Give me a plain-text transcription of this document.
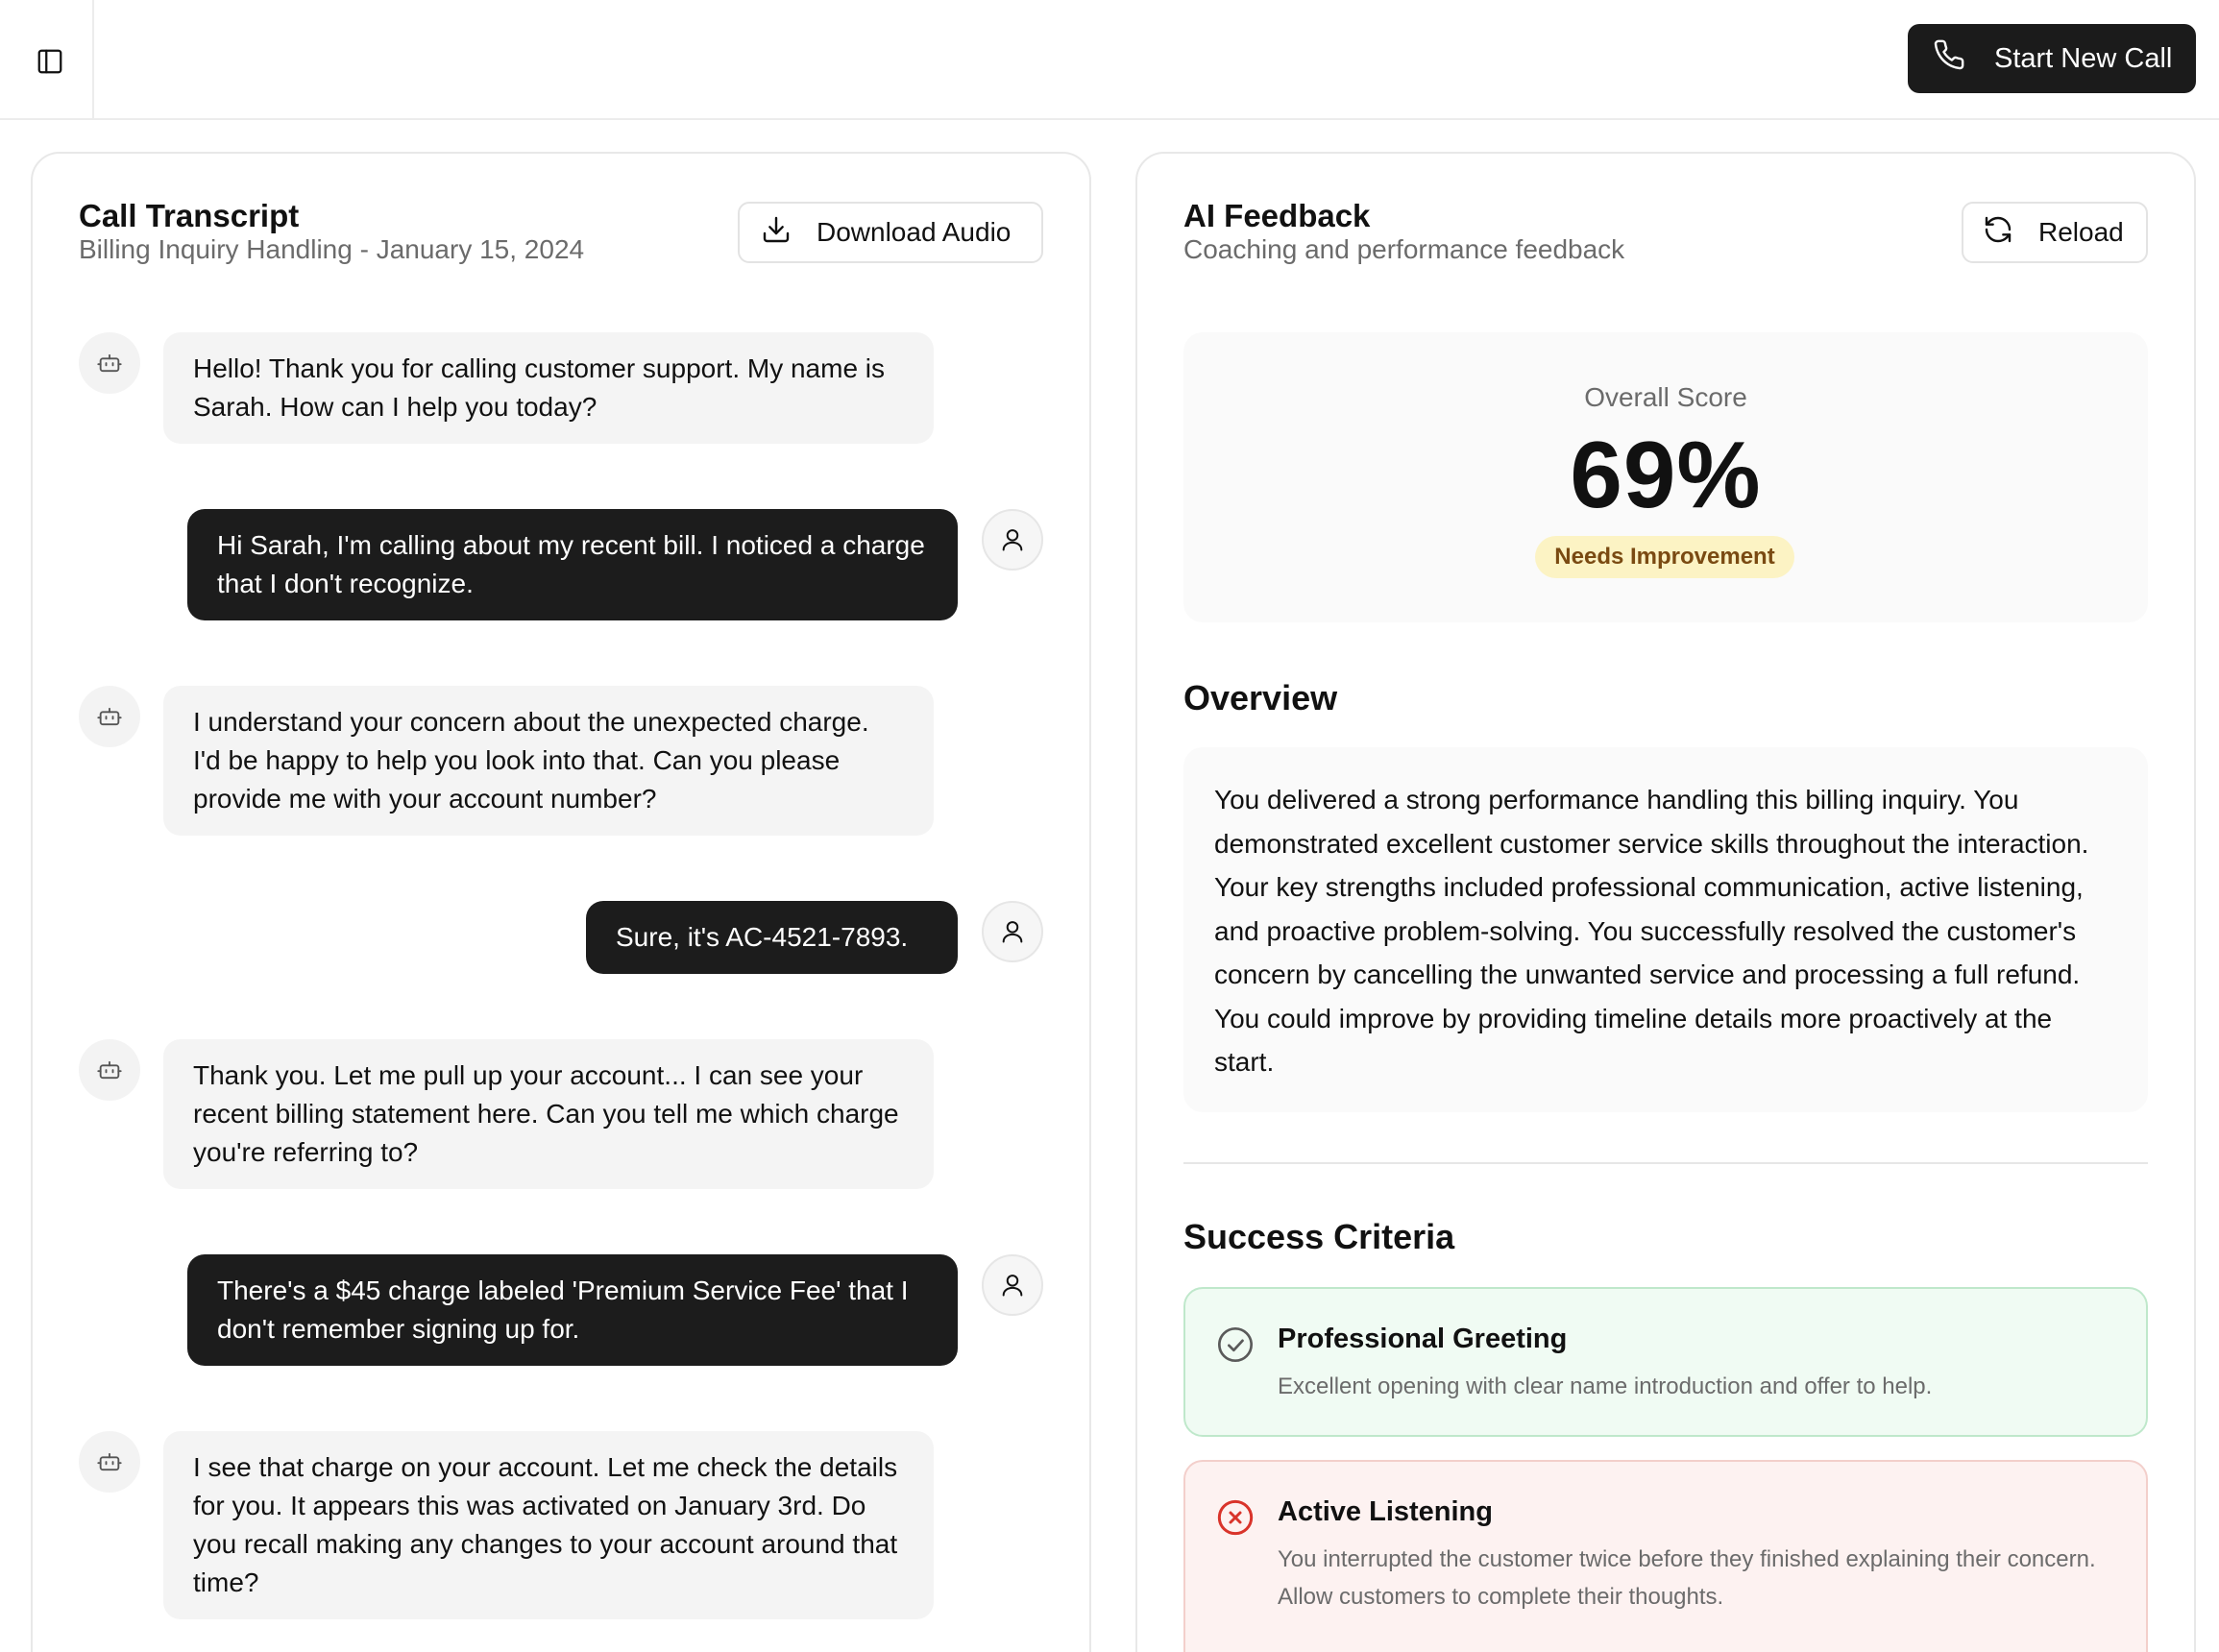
Start New Call
Call Transcript
Billing Inquiry Handling - January 15, 2024
Download Audio
Hello! Thank you for calling customer support. My name is Sarah. How can I help you today?
Hi Sarah, I'm calling about my recent bill. I noticed a charge that I don't recognize.
I understand your concern about the unexpected charge. I'd be happy to help you look into that. Can you please provide me with your account number?
Sure, it's AC-4521-7893.
Thank you. Let me pull up your account... I can see your recent billing statement here. Can you tell me which charge you're referring to?
There's a $45 charge labeled 'Premium Service Fee' that I don't remember signing up for.
I see that charge on your account. Let me check the details for you. It appears this was activated on January 3rd. Do you recall making any changes to your account around that time?
AI Feedback
Coaching and performance feedback
Reload
Overall Score
69%
Needs Improvement
Overview
You delivered a strong performance handling this billing inquiry. You demonstrated excellent customer service skills throughout the interaction. Your key strengths included professional communication, active listening, and proactive problem-solving. You successfully resolved the customer's concern by cancelling the unwanted service and processing a full refund. You could improve by providing timeline details more proactively at the start.
Success Criteria
Professional Greeting
Excellent opening with clear name introduction and offer to help.
Active Listening
You interrupted the customer twice before they finished explaining their concern. Allow customers to complete their thoughts.
